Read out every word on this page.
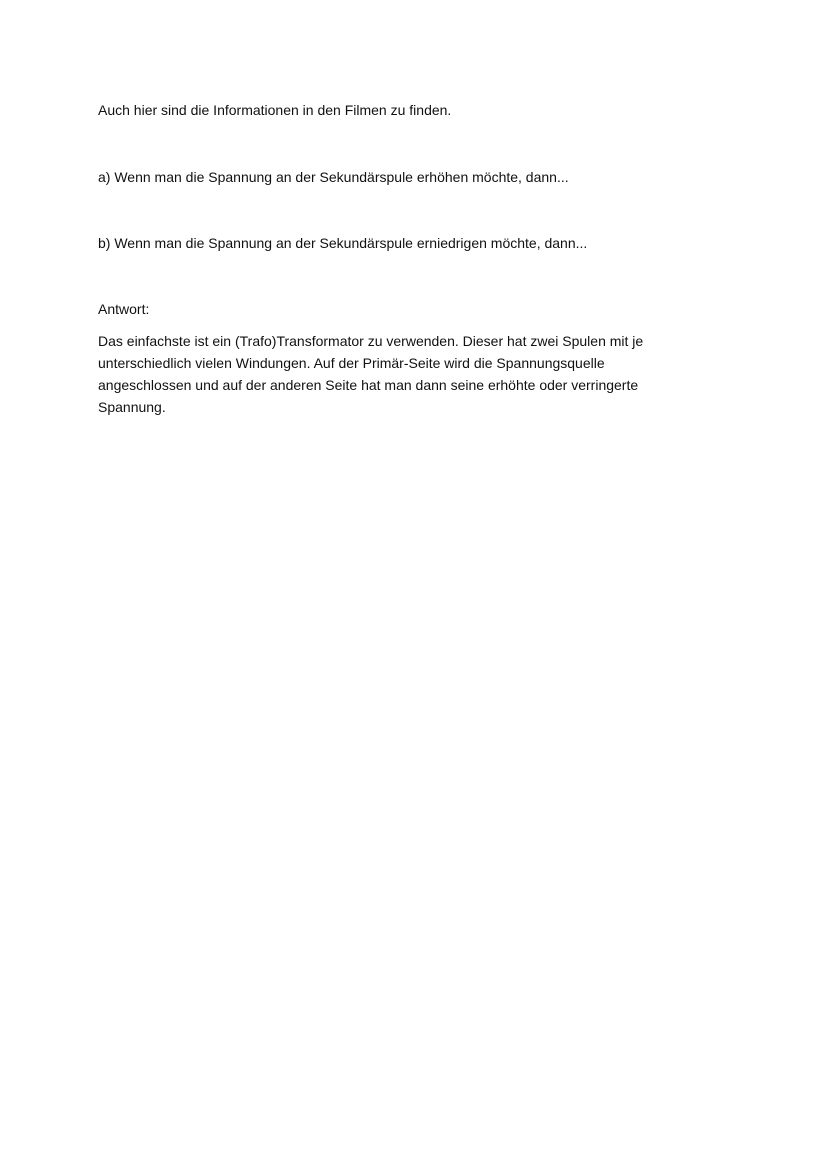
Auch hier sind die Informationen in den Filmen zu finden.

a) Wenn man die Spannung an der Sekundärspule erhöhen möchte, dann...

b) Wenn man die Spannung an der Sekundärspule erniedrigen möchte, dann...

Antwort:

Das einfachste ist ein (Trafo)Transformator zu verwenden. Dieser hat zwei Spulen mit je
unterschiedlich vielen Windungen. Auf der Primär-Seite wird die Spannungsquelle
angeschlossen und auf der anderen Seite hat man dann seine erhöhte oder verringerte
Spannung.
